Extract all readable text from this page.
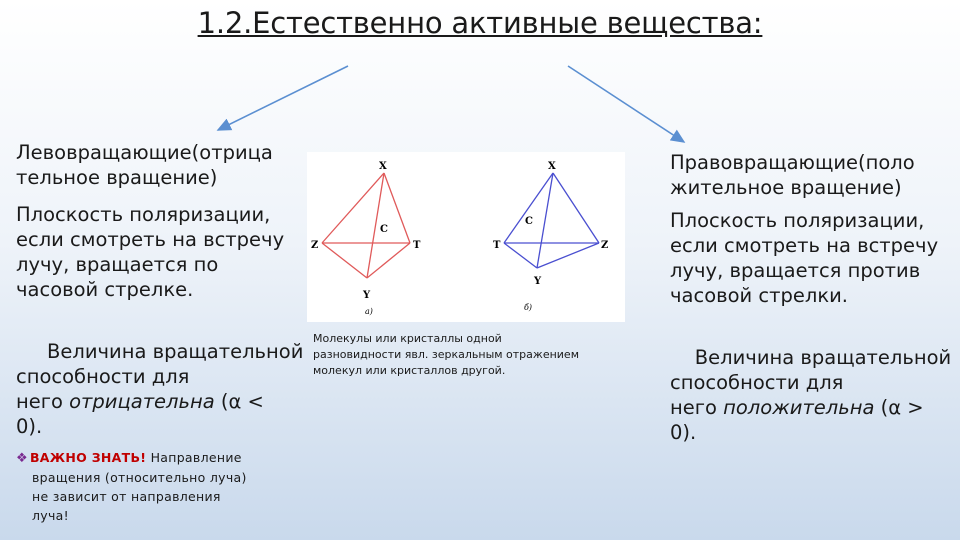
1.2.Естественно активные вещества:

Левовращающие(отрица
тельное вращение)

Плоскость поляризации,
если смотреть на встречу
лучу, вращается по
часовой стрелке.

Величина вращательной
способности для
него отрицательна (α <
0).

❖ ВАЖНО ЗНАТЬ! Направление
вращения (относительно луча)
не зависит от направления
луча!
X
C
Z	T
Y
а)
X
C
T	Z
Y
б)
Молекулы или кристаллы одной
разновидности явл. зеркальным отражением
молекул или кристаллов другой.

Правовращающие(поло
жительное вращение)

Плоскость поляризации,
если смотреть на встречу
лучу, вращается против
часовой стрелки.

Величина вращательной
способности для
него положительна (α >
0).
